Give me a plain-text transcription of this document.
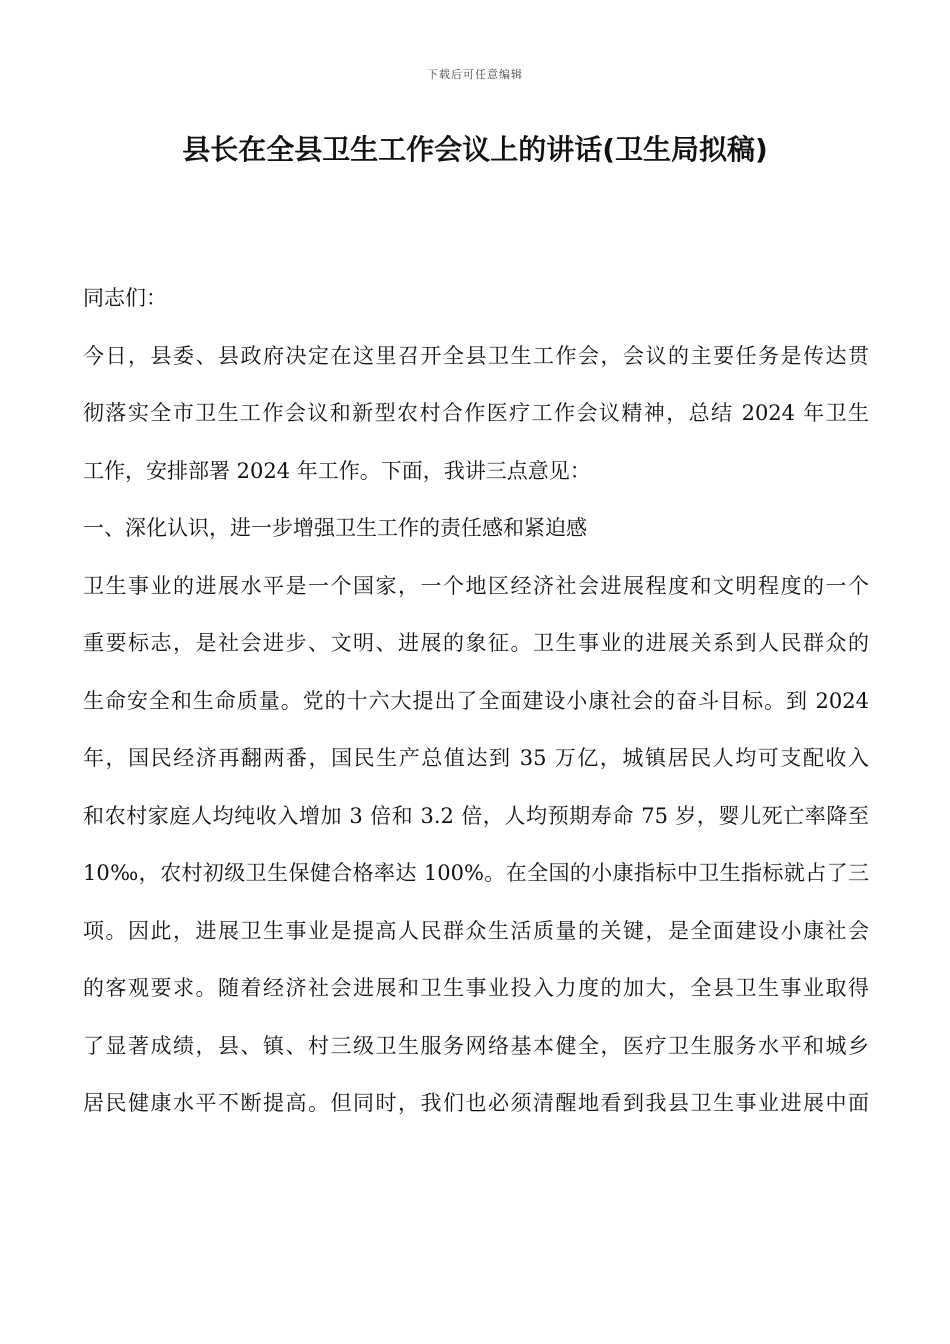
下载后可任意编辑
县长在全县卫生工作会议上的讲话(卫生局拟稿)
同志们：
今日，县委、县政府决定在这里召开全县卫生工作会，会议的主要任务是传达贯
彻落实全市卫生工作会议和新型农村合作医疗工作会议精神，总结 2024 年卫生
工作，安排部署 2024 年工作。下面，我讲三点意见：
一、深化认识，进一步增强卫生工作的责任感和紧迫感
卫生事业的进展水平是一个国家，一个地区经济社会进展程度和文明程度的一个
重要标志，是社会进步、文明、进展的象征。卫生事业的进展关系到人民群众的
生命安全和生命质量。党的十六大提出了全面建设小康社会的奋斗目标。到 2024
年，国民经济再翻两番，国民生产总值达到 35 万亿，城镇居民人均可支配收入
和农村家庭人均纯收入增加 3 倍和 3.2 倍，人均预期寿命 75 岁，婴儿死亡率降至
10‰，农村初级卫生保健合格率达 100%。在全国的小康指标中卫生指标就占了三
项。因此，进展卫生事业是提高人民群众生活质量的关键，是全面建设小康社会
的客观要求。随着经济社会进展和卫生事业投入力度的加大，全县卫生事业取得
了显著成绩，县、镇、村三级卫生服务网络基本健全，医疗卫生服务水平和城乡
居民健康水平不断提高。但同时，我们也必须清醒地看到我县卫生事业进展中面
